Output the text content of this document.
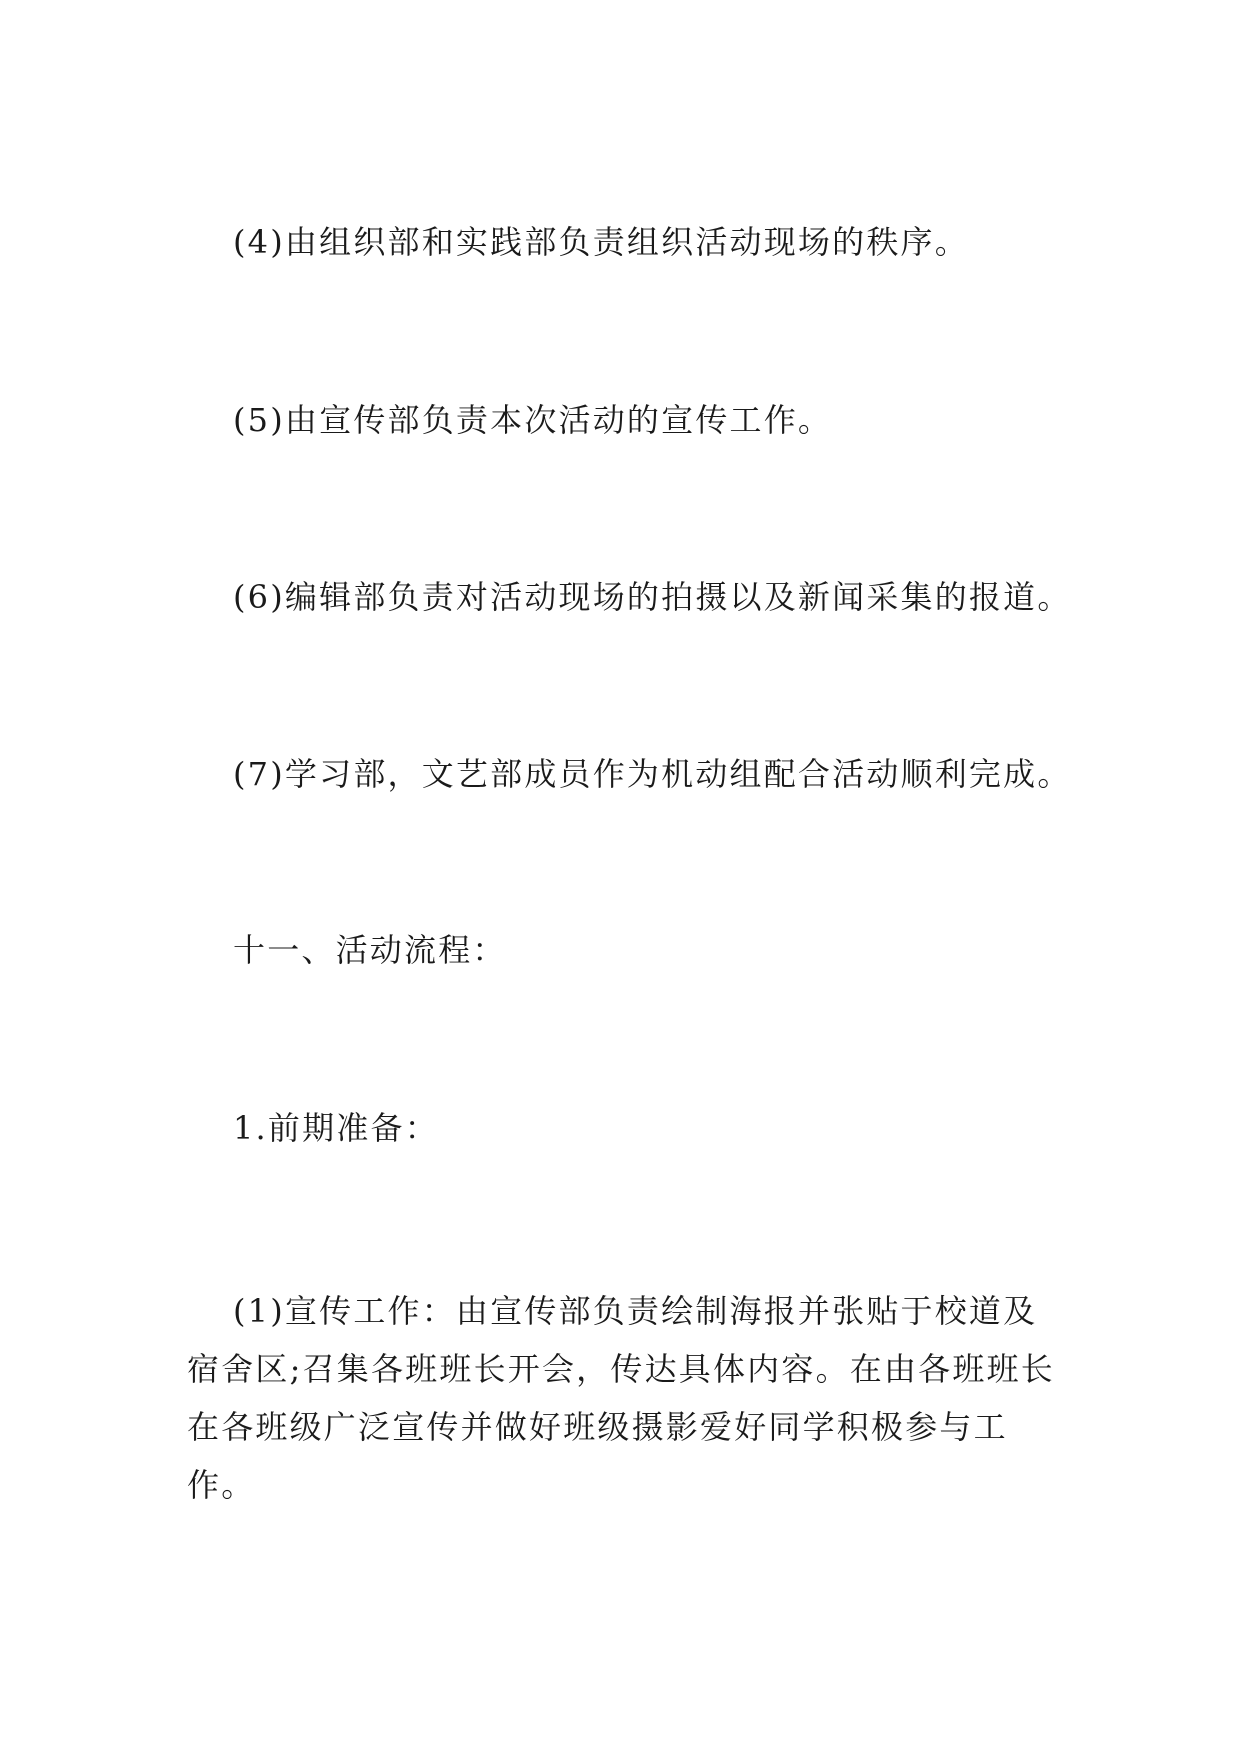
(4)由组织部和实践部负责组织活动现场的秩序。
(5)由宣传部负责本次活动的宣传工作。
(6)编辑部负责对活动现场的拍摄以及新闻采集的报道。
(7)学习部，文艺部成员作为机动组配合活动顺利完成。
十一、活动流程：
1.前期准备：
(1)宣传工作：由宣传部负责绘制海报并张贴于校道及宿舍区;召集各班班长开会，传达具体内容。在由各班班长在各班级广泛宣传并做好班级摄影爱好同学积极参与工作。
